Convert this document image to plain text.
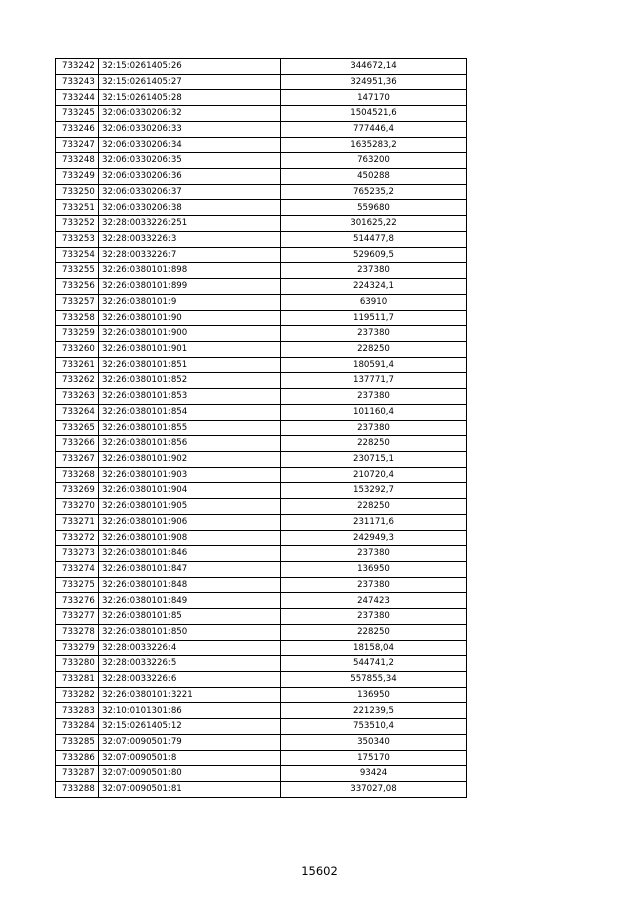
733242	32:15:0261405:26	344672,14
733243	32:15:0261405:27	324951,36
733244	32:15:0261405:28	147170
733245	32:06:0330206:32	1504521,6
733246	32:06:0330206:33	777446,4
733247	32:06:0330206:34	1635283,2
733248	32:06:0330206:35	763200
733249	32:06:0330206:36	450288
733250	32:06:0330206:37	765235,2
733251	32:06:0330206:38	559680
733252	32:28:0033226:251	301625,22
733253	32:28:0033226:3	514477,8
733254	32:28:0033226:7	529609,5
733255	32:26:0380101:898	237380
733256	32:26:0380101:899	224324,1
733257	32:26:0380101:9	63910
733258	32:26:0380101:90	119511,7
733259	32:26:0380101:900	237380
733260	32:26:0380101:901	228250
733261	32:26:0380101:851	180591,4
733262	32:26:0380101:852	137771,7
733263	32:26:0380101:853	237380
733264	32:26:0380101:854	101160,4
733265	32:26:0380101:855	237380
733266	32:26:0380101:856	228250
733267	32:26:0380101:902	230715,1
733268	32:26:0380101:903	210720,4
733269	32:26:0380101:904	153292,7
733270	32:26:0380101:905	228250
733271	32:26:0380101:906	231171,6
733272	32:26:0380101:908	242949,3
733273	32:26:0380101:846	237380
733274	32:26:0380101:847	136950
733275	32:26:0380101:848	237380
733276	32:26:0380101:849	247423
733277	32:26:0380101:85	237380
733278	32:26:0380101:850	228250
733279	32:28:0033226:4	18158,04
733280	32:28:0033226:5	544741,2
733281	32:28:0033226:6	557855,34
733282	32:26:0380101:3221	136950
733283	32:10:0101301:86	221239,5
733284	32:15:0261405:12	753510,4
733285	32:07:0090501:79	350340
733286	32:07:0090501:8	175170
733287	32:07:0090501:80	93424
733288	32:07:0090501:81	337027,08
15602
